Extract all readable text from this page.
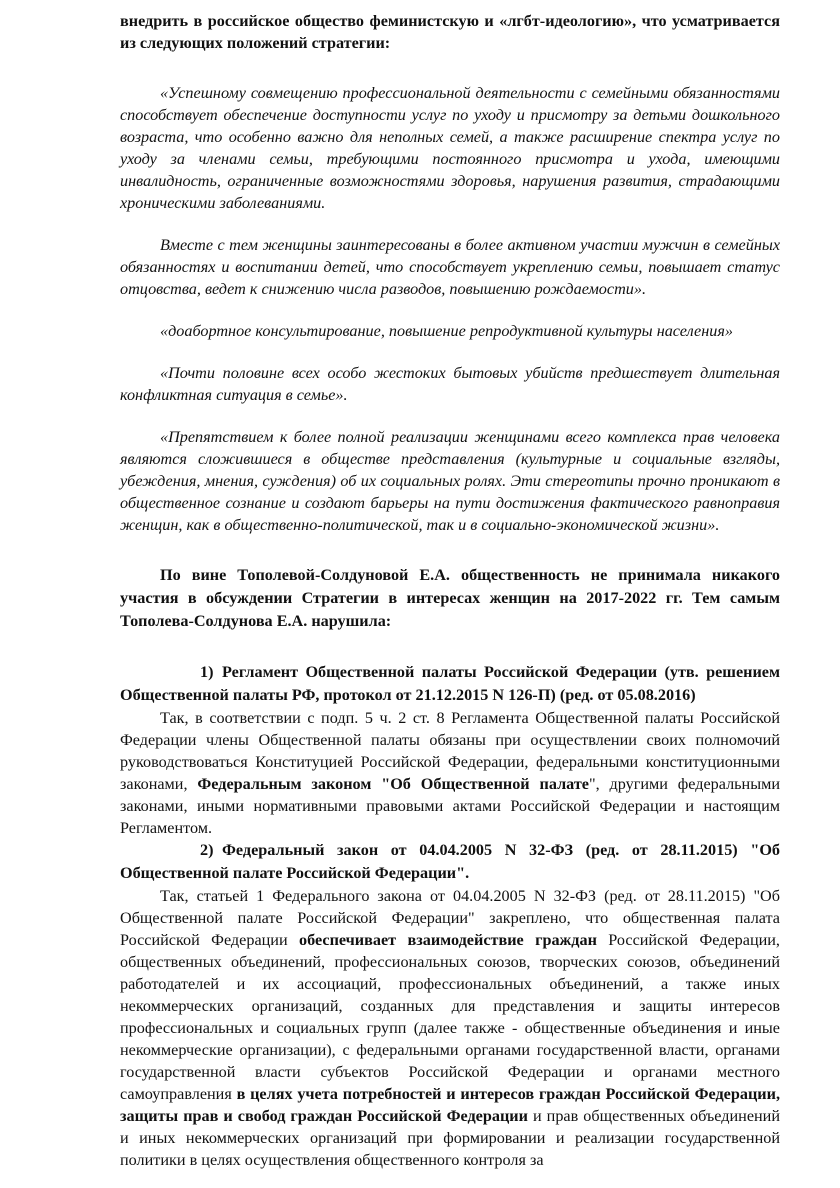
внедрить в российское общество феминистскую и «лгбт-идеологию», что усматривается из следующих положений стратегии:

«Успешному совмещению профессиональной деятельности с семейными обязанностями способствует обеспечение доступности услуг по уходу и присмотру за детьми дошкольного возраста, что особенно важно для неполных семей, а также расширение спектра услуг по уходу за членами семьи, требующими постоянного присмотра и ухода, имеющими инвалидность, ограниченные возможностями здоровья, нарушения развития, страдающими хроническими заболеваниями.

Вместе с тем женщины заинтересованы в более активном участии мужчин в семейных обязанностях и воспитании детей, что способствует укреплению семьи, повышает статус отцовства, ведет к снижению числа разводов, повышению рождаемости».

«доабортное консультирование, повышение репродуктивной культуры населения»

«Почти половине всех особо жестоких бытовых убийств предшествует длительная конфликтная ситуация в семье».

«Препятствием к более полной реализации женщинами всего комплекса прав человека являются сложившиеся в обществе представления (культурные и социальные взгляды, убеждения, мнения, суждения) об их социальных ролях. Эти стереотипы прочно проникают в общественное сознание и создают барьеры на пути достижения фактического равноправия женщин, как в общественно-политической, так и в социально-экономической жизни».

По вине Тополевой-Солдуновой Е.А. общественность не принимала никакого участия в обсуждении Стратегии в интересах женщин на 2017-2022 гг. Тем самым Тополева-Солдунова Е.А. нарушила:

1) Регламент Общественной палаты Российской Федерации (утв. решением Общественной палаты РФ, протокол от 21.12.2015 N 126-П) (ред. от 05.08.2016)

Так, в соответствии с подп. 5 ч. 2 ст. 8 Регламента Общественной палаты Российской Федерации члены Общественной палаты обязаны при осуществлении своих полномочий руководствоваться Конституцией Российской Федерации, федеральными конституционными законами, Федеральным законом "Об Общественной палате", другими федеральными законами, иными нормативными правовыми актами Российской Федерации и настоящим Регламентом.

2) Федеральный закон от 04.04.2005 N 32-ФЗ (ред. от 28.11.2015) "Об Общественной палате Российской Федерации".

Так, статьей 1 Федерального закона от 04.04.2005 N 32-ФЗ (ред. от 28.11.2015) "Об Общественной палате Российской Федерации" закреплено, что общественная палата Российской Федерации обеспечивает взаимодействие граждан Российской Федерации, общественных объединений, профессиональных союзов, творческих союзов, объединений работодателей и их ассоциаций, профессиональных объединений, а также иных некоммерческих организаций, созданных для представления и защиты интересов профессиональных и социальных групп (далее также - общественные объединения и иные некоммерческие организации), с федеральными органами государственной власти, органами государственной власти субъектов Российской Федерации и органами местного самоуправления в целях учета потребностей и интересов граждан Российской Федерации, защиты прав и свобод граждан Российской Федерации и прав общественных объединений и иных некоммерческих организаций при формировании и реализации государственной политики в целях осуществления общественного контроля за
